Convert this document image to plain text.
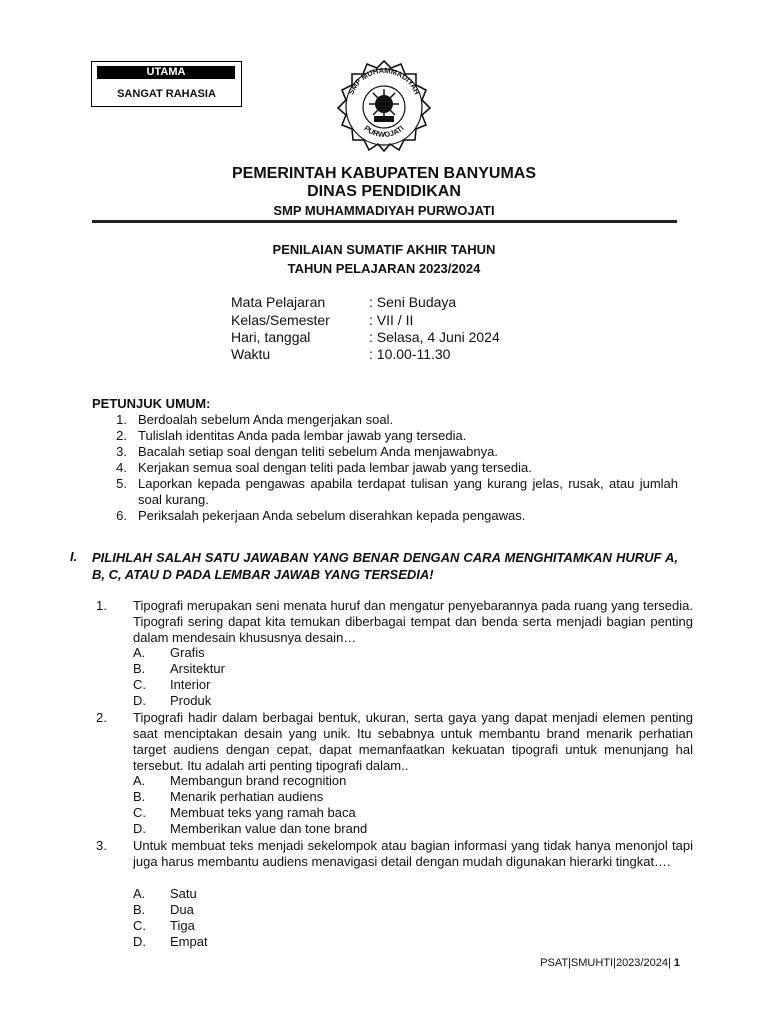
UTAMA
SANGAT RAHASIA	SMP MUHAMMADIYAH
PURWOJATI
PEMERINTAH KABUPATEN BANYUMAS
DINAS PENDIDIKAN
SMP MUHAMMADIYAH PURWOJATI
PENILAIAN SUMATIF AKHIR TAHUN
TAHUN PELAJARAN 2023/2024
Mata Pelajaran	: Seni Budaya
Kelas/Semester	: VII / II
Hari, tanggal	: Selasa, 4 Juni 2024
Waktu	: 10.00-11.30
PETUNJUK UMUM:
1. Berdoalah sebelum Anda mengerjakan soal.
2. Tulislah identitas Anda pada lembar jawab yang tersedia.
3. Bacalah setiap soal dengan teliti sebelum Anda menjawabnya.
4. Kerjakan semua soal dengan teliti pada lembar jawab yang tersedia.
5. Laporkan kepada pengawas apabila terdapat tulisan yang kurang jelas, rusak, atau jumlah soal kurang.
6. Periksalah pekerjaan Anda sebelum diserahkan kepada pengawas.
I. PILIHLAH SALAH SATU JAWABAN YANG BENAR DENGAN CARA MENGHITAMKAN HURUF A, B, C, ATAU D PADA LEMBAR JAWAB YANG TERSEDIA!
1. Tipografi merupakan seni menata huruf dan mengatur penyebarannya pada ruang yang tersedia. Tipografi sering dapat kita temukan diberbagai tempat dan benda serta menjadi bagian penting dalam mendesain khususnya desain…
A. Grafis
B. Arsitektur
C. Interior
D. Produk
2. Tipografi hadir dalam berbagai bentuk, ukuran, serta gaya yang dapat menjadi elemen penting saat menciptakan desain yang unik. Itu sebabnya untuk membantu brand menarik perhatian target audiens dengan cepat, dapat memanfaatkan kekuatan tipografi untuk menunjang hal tersebut. Itu adalah arti penting tipografi dalam..
A. Membangun brand recognition
B. Menarik perhatian audiens
C. Membuat teks yang ramah baca
D. Memberikan value dan tone brand
3. Untuk membuat teks menjadi sekelompok atau bagian informasi yang tidak hanya menonjol tapi juga harus membantu audiens menavigasi detail dengan mudah digunakan hierarki tingkat….
A. Satu
B. Dua
C. Tiga
D. Empat
PSAT|SMUHTI|2023/2024| 1
